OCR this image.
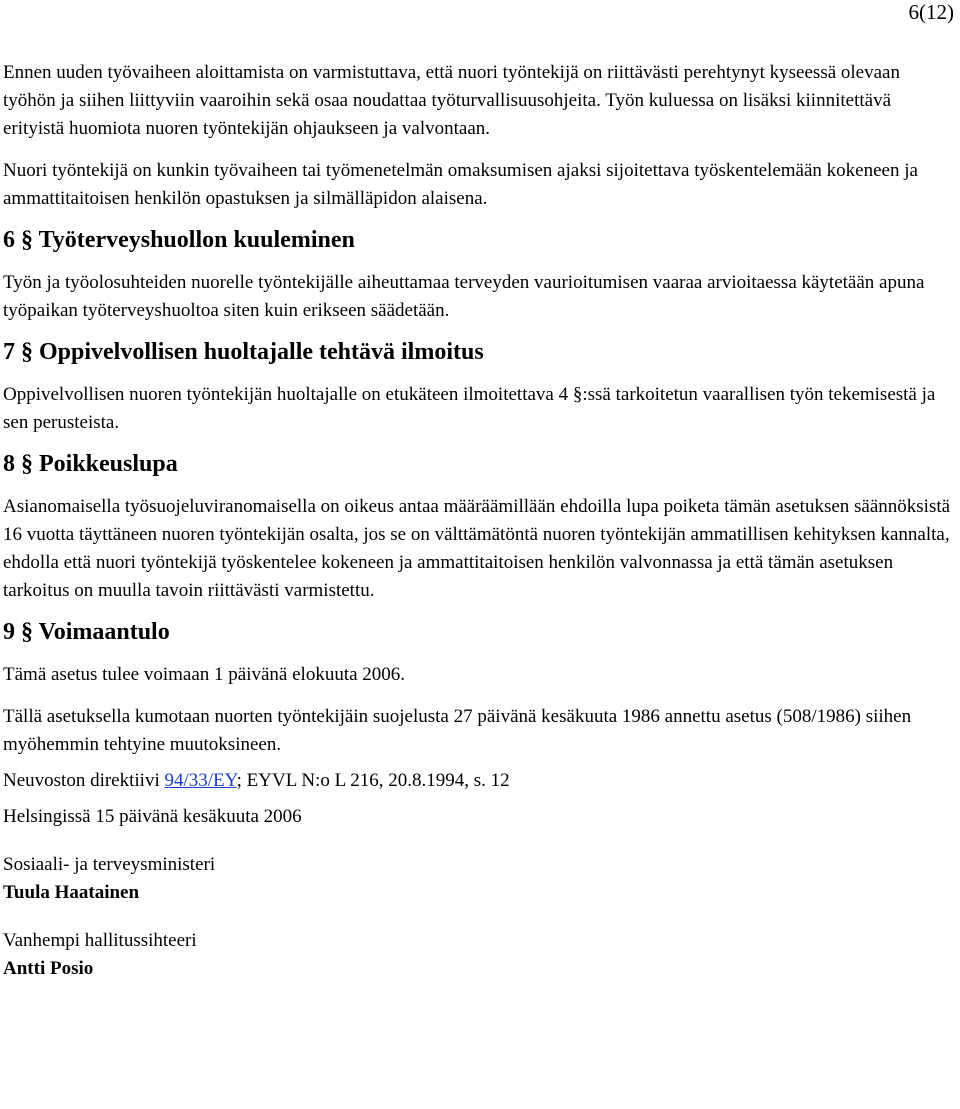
6(12)

Ennen uuden työvaiheen aloittamista on varmistuttava, että nuori työntekijä on riittävästi perehtynyt kyseessä olevaan työhön ja siihen liittyviin vaaroihin sekä osaa noudattaa työturvallisuusohjeita. Työn kuluessa on lisäksi kiinnitettävä erityistä huomiota nuoren työntekijän ohjaukseen ja valvontaan.

Nuori työntekijä on kunkin työvaiheen tai työmenetelmän omaksumisen ajaksi sijoitettava työskentelemään kokeneen ja ammattitaitoisen henkilön opastuksen ja silmälläpidon alaisena.

6 § Työterveyshuollon kuuleminen

Työn ja työolosuhteiden nuorelle työntekijälle aiheuttamaa terveyden vaurioitumisen vaaraa arvioitaessa käytetään apuna työpaikan työterveyshuoltoa siten kuin erikseen säädetään.

7 § Oppivelvollisen huoltajalle tehtävä ilmoitus

Oppivelvollisen nuoren työntekijän huoltajalle on etukäteen ilmoitettava 4 §:ssä tarkoitetun vaarallisen työn tekemisestä ja sen perusteista.

8 § Poikkeuslupa

Asianomaisella työsuojeluviranomaisella on oikeus antaa määräämillään ehdoilla lupa poiketa tämän asetuksen säännöksistä 16 vuotta täyttäneen nuoren työntekijän osalta, jos se on välttämätöntä nuoren työntekijän ammatillisen kehityksen kannalta, ehdolla että nuori työntekijä työskentelee kokeneen ja ammattitaitoisen henkilön valvonnassa ja että tämän asetuksen tarkoitus on muulla tavoin riittävästi varmistettu.

9 § Voimaantulo

Tämä asetus tulee voimaan 1 päivänä elokuuta 2006.

Tällä asetuksella kumotaan nuorten työntekijäin suojelusta 27 päivänä kesäkuuta 1986 annettu asetus (508/1986) siihen myöhemmin tehtyine muutoksineen.

Neuvoston direktiivi 94/33/EY; EYVL N:o L 216, 20.8.1994, s. 12

Helsingissä 15 päivänä kesäkuuta 2006

Sosiaali- ja terveysministeri

Tuula Haatainen

Vanhempi hallitussihteeri

Antti Posio
